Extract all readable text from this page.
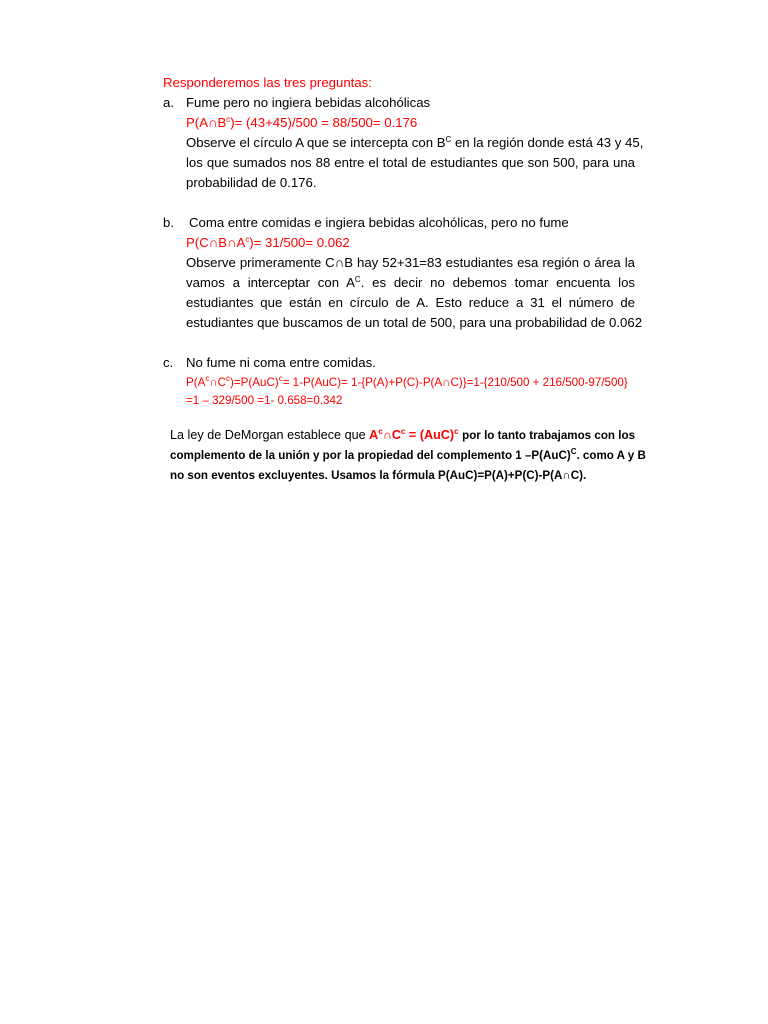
Responderemos las tres preguntas:
a. Fume pero no ingiera bebidas alcohólicas
$P(A\cap B^c)= (43+45)/500 = 88/500= 0.176$
Observe el círculo A que se intercepta con $B^C$ en la región donde está 43 y 45,
los que sumados nos 88 entre el total de estudiantes que son 500, para una
probabilidad de 0.176.
b. Coma entre comidas e ingiera bebidas alcohólicas, pero no fume
$P(C\cap B\cap A^c)= 31/500= 0.062$
Observe primeramente C∩B hay 52+31=83 estudiantes esa región o área la
vamos a interceptar con $A^C$. es decir no debemos tomar encuenta los
estudiantes que están en círculo de A. Esto reduce a 31 el número de
estudiantes que buscamos de un total de 500, para una probabilidad de 0.062
c. No fume ni coma entre comidas.
$P(A^c\cap C^c)=P(AuC)^c= 1-P(AuC)=$ 1-{P(A)+P(C)-P(A∩C)}=1-{210/500 + 216/500-97/500}
=1 – 329/500 =1- 0.658=0.342
La ley de DeMorgan establece que $A^c\cap C^c = (AuC)^c$ por lo tanto trabajamos con los
complemento de la unión y por la propiedad del complemento 1 –P(AuC)$^C$. como A y B
no son eventos excluyentes. Usamos la fórmula P(AuC)=P(A)+P(C)-P(A∩C).
